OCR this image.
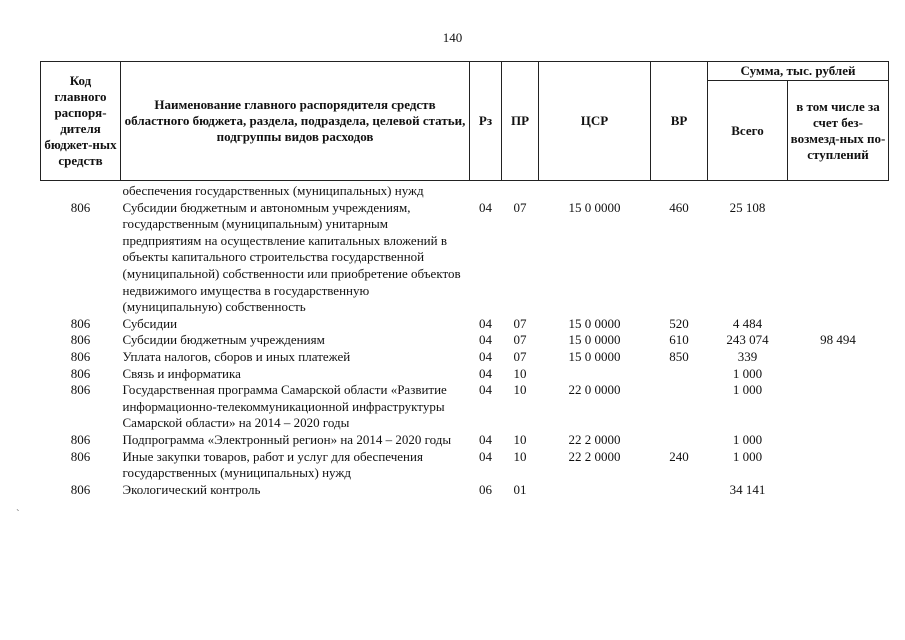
140
`
Код главного распоря-дителя бюджет-ных средств	Наименование главного распорядителя средств областного бюджета, раздела, подраздела, целевой статьи, подгруппы видов расходов	Рз	ПР	ЦСР	ВР	Сумма, тыс. рублей	
						Всего	в том числе за счет без-возмезд-ных по-ступлений
	обеспечения государственных (муниципальных) нужд						
806	Субсидии бюджетным и автономным учреждениям, государственным (муниципальным) унитарным предприятиям на осуществление капитальных вложений в объекты капитального строительства государственной (муниципальной) собственности или приобретение объектов недвижимого имущества в государственную (муниципальную) собственность	04	07	15 0 0000	460	25 108	
806	Субсидии	04	07	15 0 0000	520	4 484	
806	Субсидии бюджетным учреждениям	04	07	15 0 0000	610	243 074	98 494
806	Уплата налогов, сборов и иных платежей	04	07	15 0 0000	850	339	
806	Связь и информатика	04	10			1 000	
806	Государственная программа Самарской области «Развитие информационно-телекоммуникационной инфраструктуры Самарской области» на 2014 – 2020 годы	04	10	22 0 0000		1 000	
806	Подпрограмма «Электронный регион» на 2014 – 2020 годы	04	10	22 2 0000		1 000	
806	Иные закупки товаров, работ и услуг для обеспечения государственных (муниципальных) нужд	04	10	22 2 0000	240	1 000	
806	Экологический контроль	06	01			34 141	
